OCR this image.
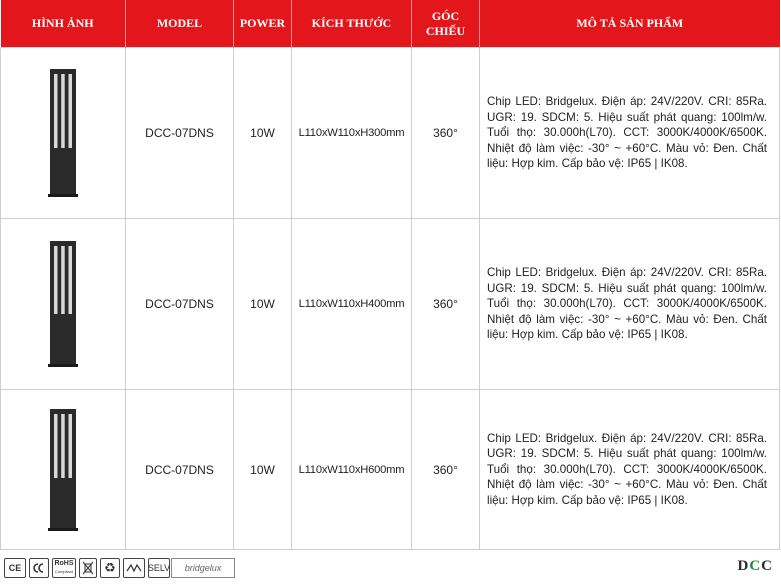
HÌNH ẢNH	MODEL	POWER	KÍCH THƯỚC	GÓC CHIẾU	MÔ TẢ SẢN PHẨM

	DCC-07DNS	10W	L110xW110xH300mm	360°	Chip LED: Bridgelux. Điện áp: 24V/220V. CRI: 85Ra. UGR: 19. SDCM: 5. Hiệu suất phát quang: 100lm/w. Tuổi thọ: 30.000h(L70). CCT: 3000K/4000K/6500K. Nhiệt độ làm việc: -30° ~ +60°C. Màu vỏ: Đen. Chất liệu: Hợp kim. Cấp bảo vệ: IP65 | IK08.

	DCC-07DNS	10W	L110xW110xH400mm	360°	Chip LED: Bridgelux. Điện áp: 24V/220V. CRI: 85Ra. UGR: 19. SDCM: 5. Hiệu suất phát quang: 100lm/w. Tuổi thọ: 30.000h(L70). CCT: 3000K/4000K/6500K. Nhiệt độ làm việc: -30° ~ +60°C. Màu vỏ: Đen. Chất liệu: Hợp kim. Cấp bảo vệ: IP65 | IK08.

	DCC-07DNS	10W	L110xW110xH600mm	360°	Chip LED: Bridgelux. Điện áp: 24V/220V. CRI: 85Ra. UGR: 19. SDCM: 5. Hiệu suất phát quang: 100lm/w. Tuổi thọ: 30.000h(L70). CCT: 3000K/4000K/6500K. Nhiệt độ làm việc: -30° ~ +60°C. Màu vỏ: Đen. Chất liệu: Hợp kim. Cấp bảo vệ: IP65 | IK08.
CE	RoHS
Compliant	♻	SELV bridgelux	DCC
